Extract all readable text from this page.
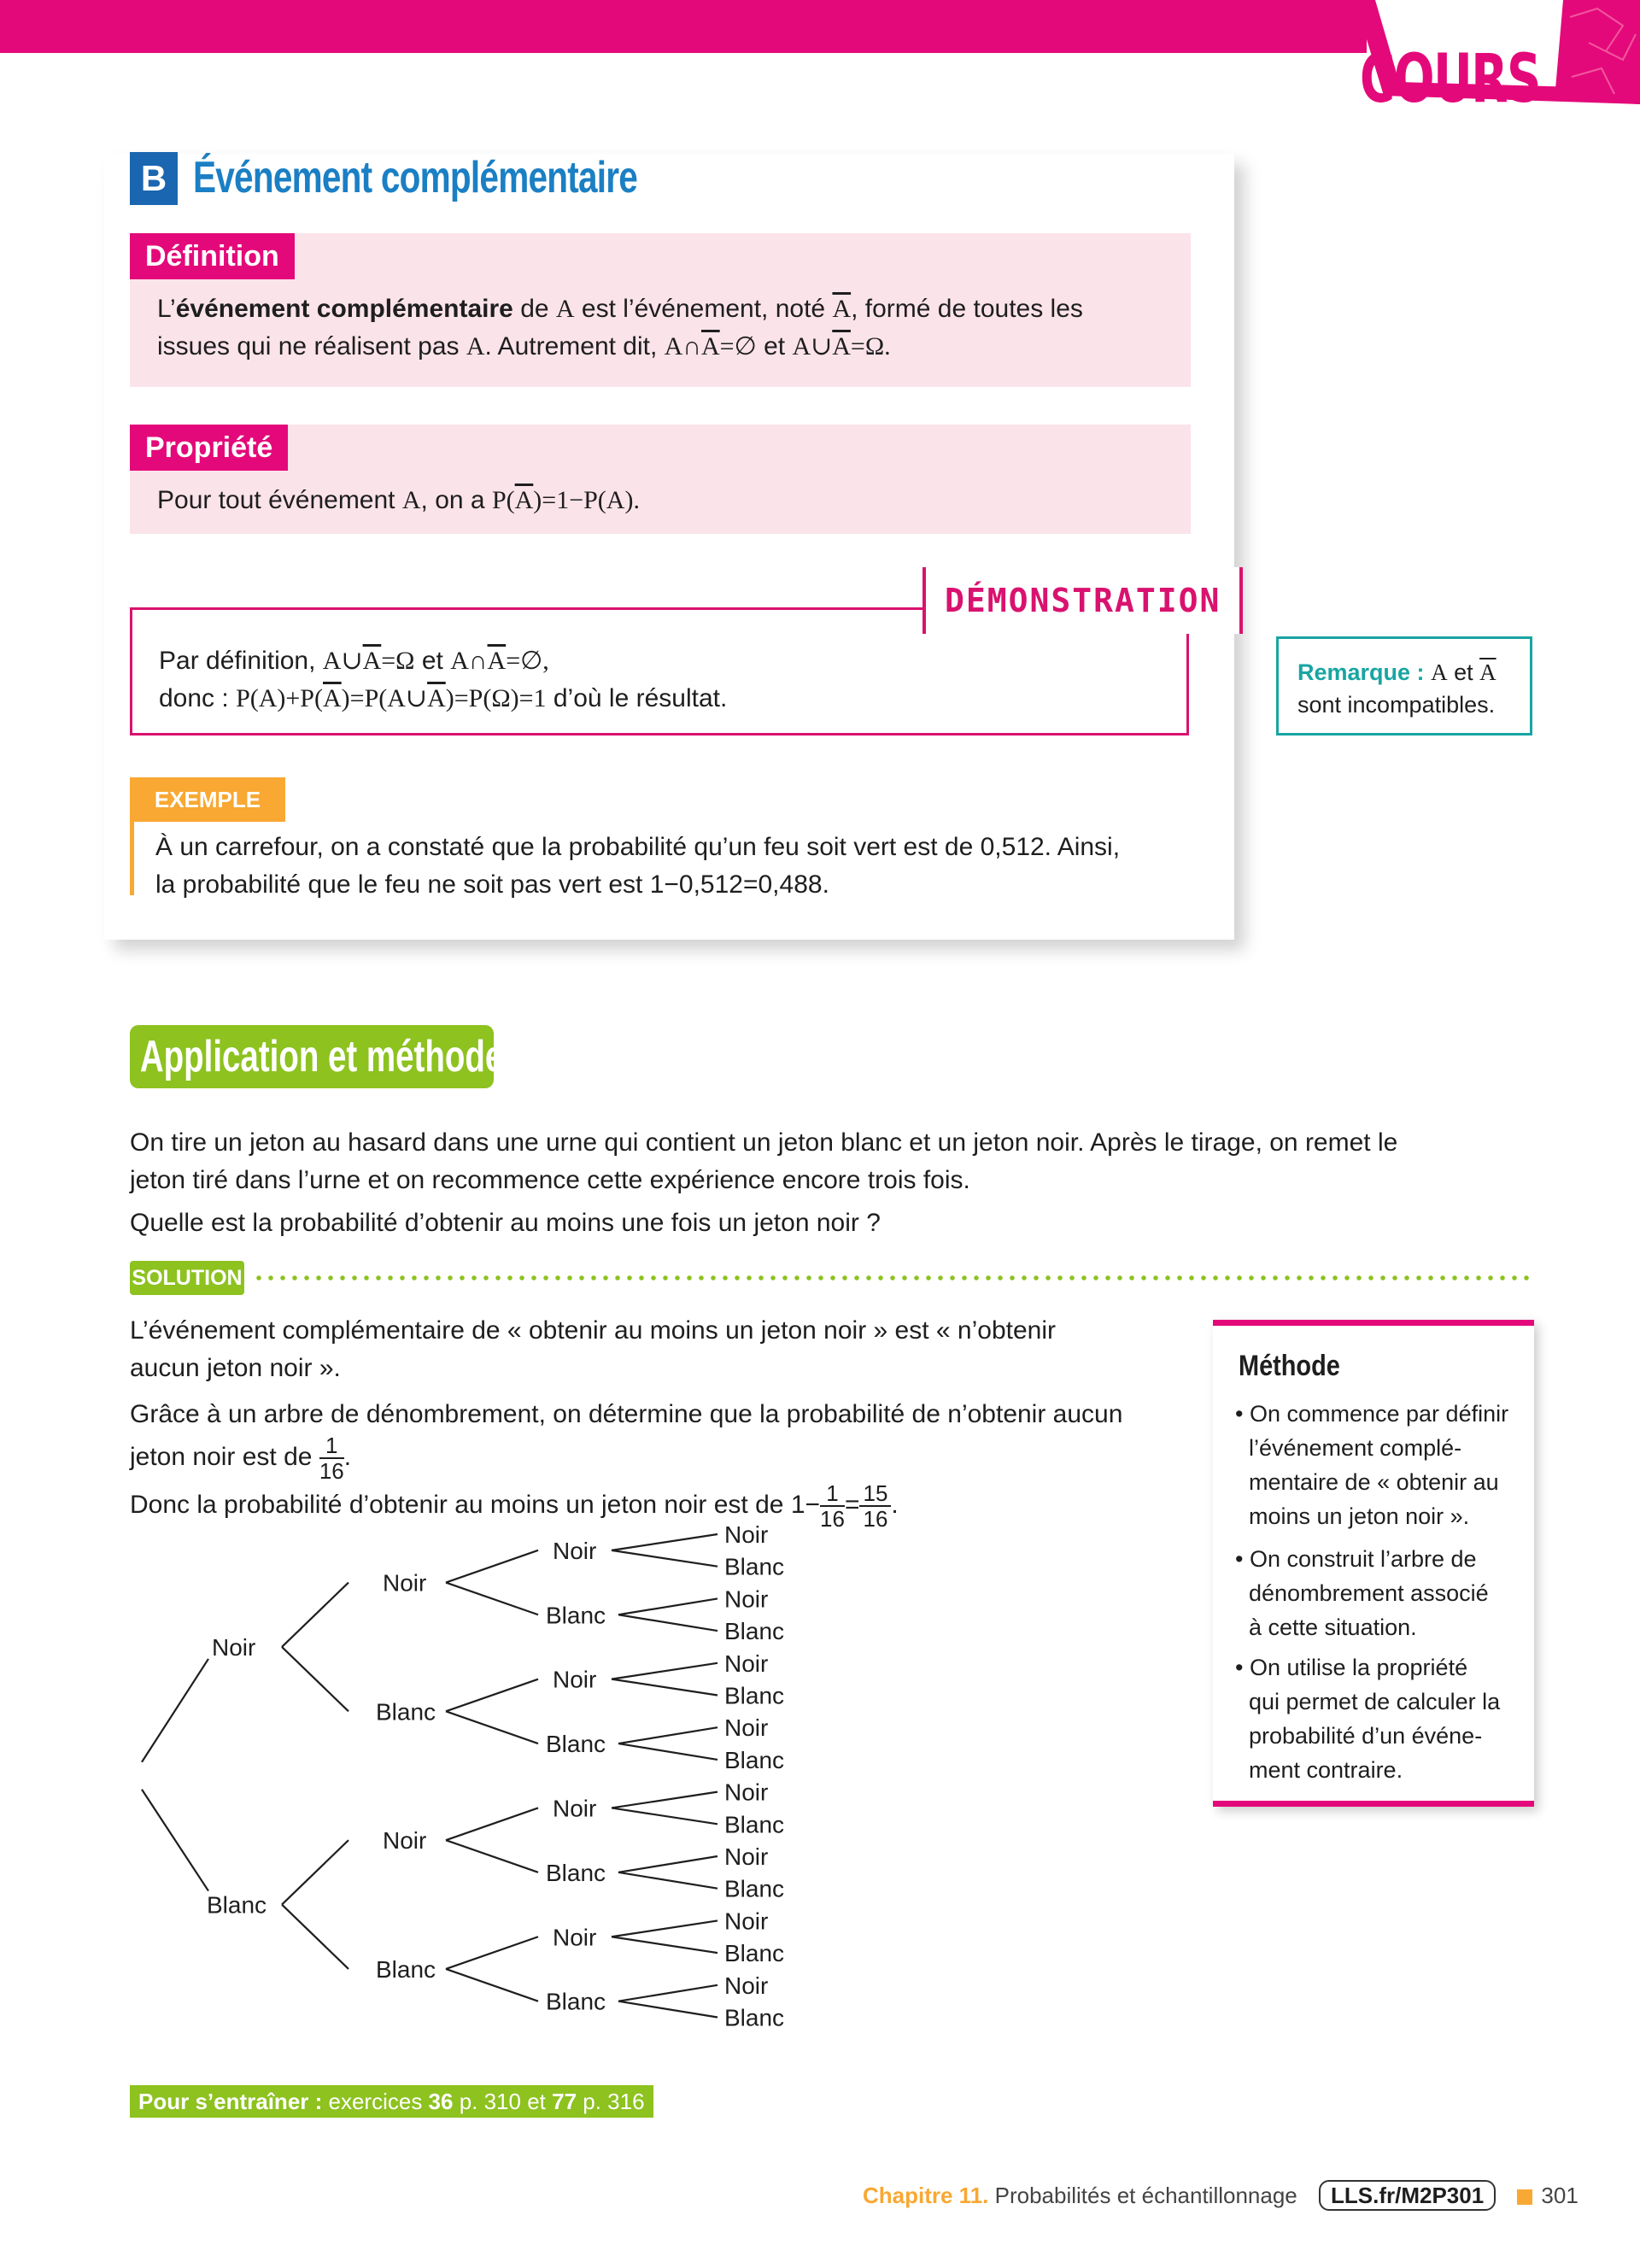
COURS
B Événement complémentaire
Définition
L’événement complémentaire de A est l’événement, noté $\overline{A}$, formé de toutes les
issues qui ne réalisent pas A. Autrement dit, $A\cap\overline{A}=\emptyset$ et $A\cup\overline{A}=\Omega$.
Propriété
Pour tout événement A, on a $P(\overline{A})=1-P(A)$.
DÉMONSTRATION
Par définition, $A\cup\overline{A}=\Omega$ et $A\cap\overline{A}=\emptyset$,
donc : $P(A)+P(\overline{A})=P(A\cup\overline{A})=P(\Omega)=1$ d’où le résultat.
Remarque : A et $\overline{A}$
sont incompatibles.
EXEMPLE
À un carrefour, on a constaté que la probabilité qu’un feu soit vert est de 0,512. Ainsi,
la probabilité que le feu ne soit pas vert est 1−0,512=0,488.
Application et méthode
On tire un jeton au hasard dans une urne qui contient un jeton blanc et un jeton noir. Après le tirage, on remet le
jeton tiré dans l’urne et on recommence cette expérience encore trois fois.
Quelle est la probabilité d’obtenir au moins une fois un jeton noir ?
SOLUTION
L’événement complémentaire de « obtenir au moins un jeton noir » est « n’obtenir
aucun jeton noir ».
Grâce à un arbre de dénombrement, on détermine que la probabilité de n’obtenir aucun
jeton noir est de $\frac{1}{16}$.
Donc la probabilité d’obtenir au moins un jeton noir est de $1- \frac{1}{16}= \frac{15}{16}$.
Noir
Blanc
Noir
Blanc
Noir
Blanc
Noir
Blanc
Noir
Blanc
Noir
Blanc
Noir
Blanc
Noir
Blanc
Noir
Blanc
Noir
Blanc
Noir
Blanc
Noir
Blanc
Noir
Blanc
Noir
Blanc
Noir
Blanc
Méthode
• On commence par définir
l’événement complé-
mentaire de « obtenir au
moins un jeton noir ».
• On construit l’arbre de
dénombrement associé
à cette situation.
• On utilise la propriété
qui permet de calculer la
probabilité d’un événe-
ment contraire.
Pour s’entraîner : exercices 36 p. 310 et 77 p. 316
Chapitre 11. Probabilités et échantillonnage LLS.fr/M2P301	301
